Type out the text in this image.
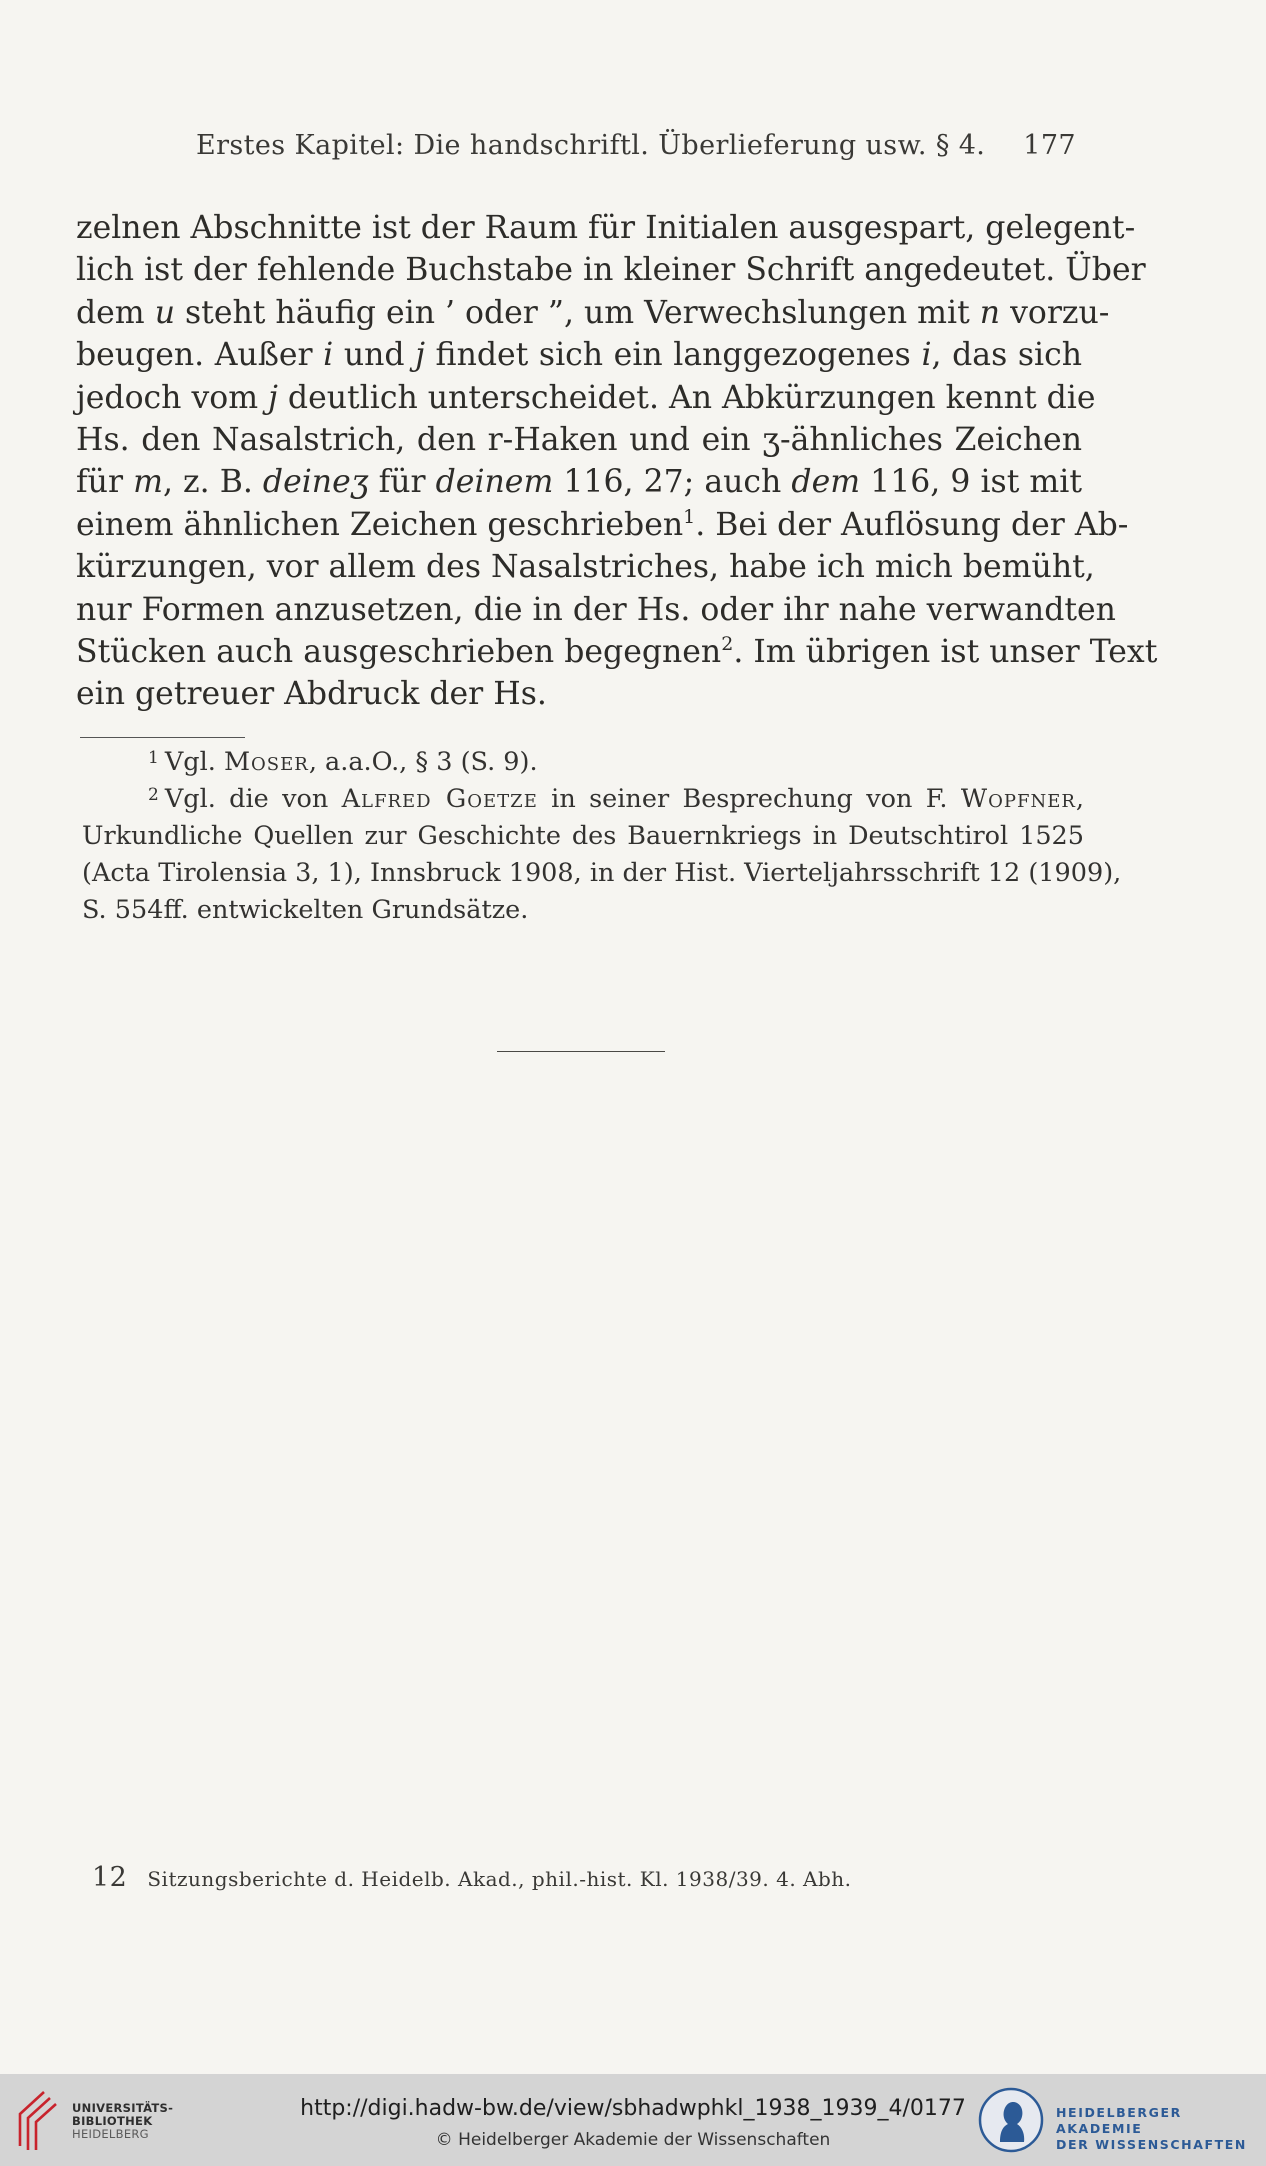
Erstes Kapitel: Die handschriftl. Überlieferung usw. § 4. 177
zelnen Abschnitte ist der Raum für Initialen ausgespart, gelegent-
lich ist der fehlende Buchstabe in kleiner Schrift angedeutet. Über
dem u steht häufig ein ’ oder ”, um Verwechslungen mit n vorzu-
beugen. Außer i und j findet sich ein langgezogenes i, das sich
jedoch vom j deutlich unterscheidet. An Abkürzungen kennt die
Hs. den Nasalstrich, den r-Haken und ein ʒ-ähnliches Zeichen
für m, z. B. deineʒ für deinem 116, 27; auch dem 116, 9 ist mit
einem ähnlichen Zeichen geschrieben$^1$. Bei der Auflösung der Ab-
kürzungen, vor allem des Nasalstriches, habe ich mich bemüht,
nur Formen anzusetzen, die in der Hs. oder ihr nahe verwandten
Stücken auch ausgeschrieben begegnen$^2$. Im übrigen ist unser Text
ein getreuer Abdruck der Hs.
$^1$ Vgl. Moser, a.a.O., § 3 (S. 9).
$^2$ Vgl. die von Alfred Goetze in seiner Besprechung von F. Wopfner,
Urkundliche Quellen zur Geschichte des Bauernkriegs in Deutschtirol 1525
(Acta Tirolensia 3, 1), Innsbruck 1908, in der Hist. Vierteljahrsschrift 12 (1909),
S. 554ff. entwickelten Grundsätze.
12 Sitzungsberichte d. Heidelb. Akad., phil.-hist. Kl. 1938/39. 4. Abh.
UNIVERSITÄTS-
BIBLIOTHEK
HEIDELBERG
http://digi.hadw-bw.de/view/sbhadwphkl_1938_1939_4/0177
© Heidelberger Akademie der Wissenschaften
HEIDELBERGER AKADEMIE
DER WISSENSCHAFTEN
